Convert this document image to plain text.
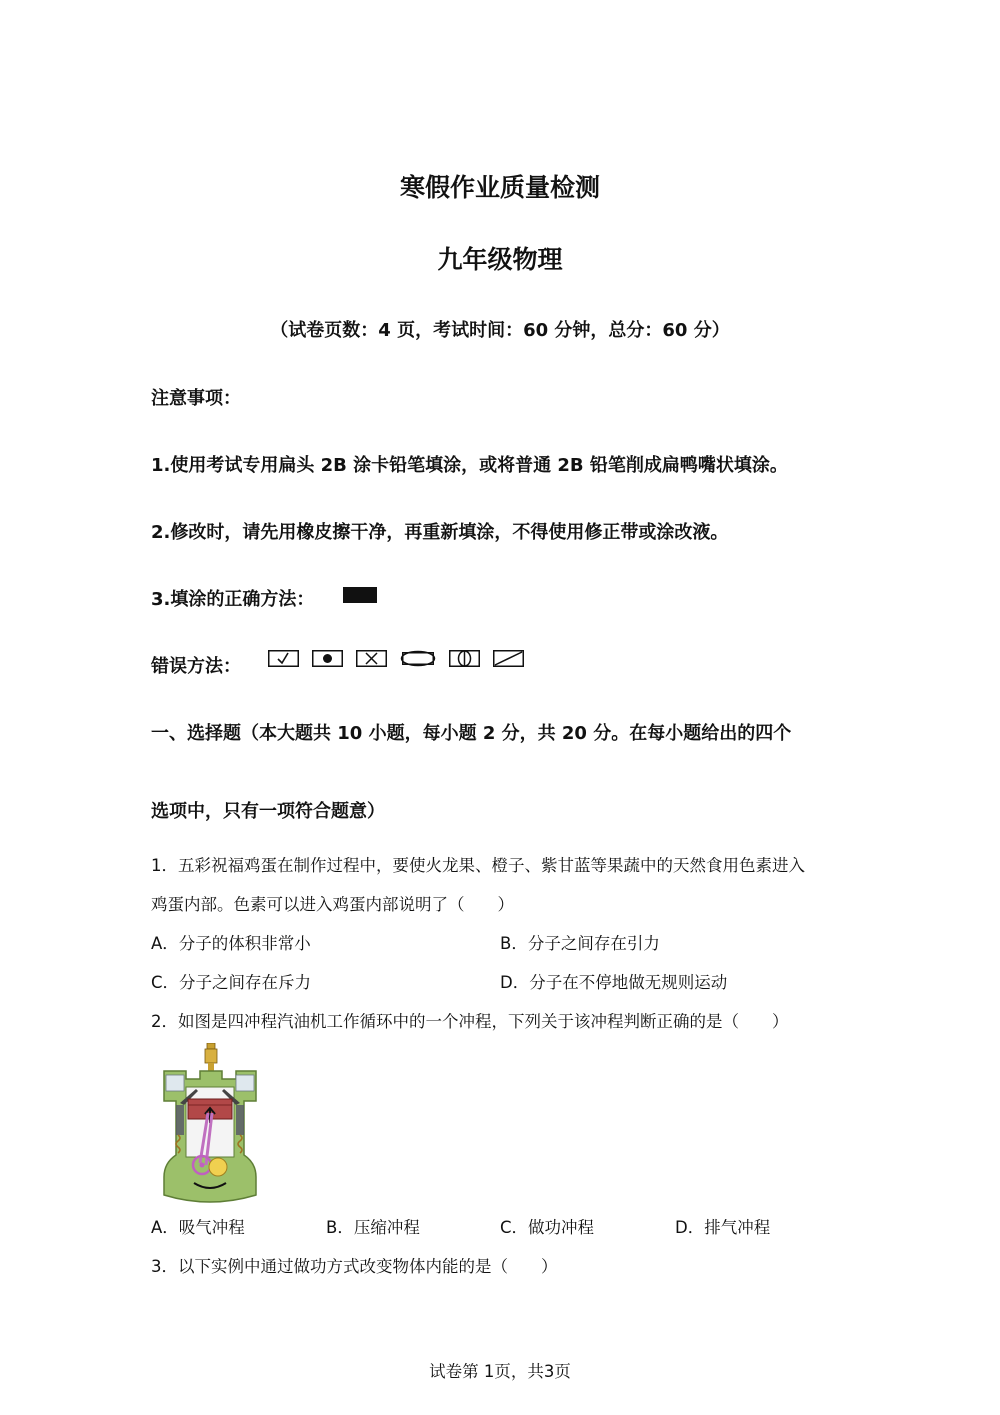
寒假作业质量检测
九年级物理
（试卷页数：4 页，考试时间：60 分钟，总分：60 分）
注意事项：
1.使用考试专用扁头 2B 涂卡铅笔填涂，或将普通 2B 铅笔削成扁鸭嘴状填涂。
2.修改时，请先用橡皮擦干净，再重新填涂，不得使用修正带或涂改液。
3.填涂的正确方法：
错误方法：
一、选择题（本大题共 10 小题，每小题 2 分，共 20 分。在每小题给出的四个
选项中，只有一项符合题意）
1．五彩祝福鸡蛋在制作过程中，要使火龙果、橙子、紫甘蓝等果蔬中的天然食用色素进入
鸡蛋内部。色素可以进入鸡蛋内部说明了（　　）
A．分子的体积非常小	B．分子之间存在引力
C．分子之间存在斥力	D．分子在不停地做无规则运动
2．如图是四冲程汽油机工作循环中的一个冲程，下列关于该冲程判断正确的是（　　）
A．吸气冲程	B．压缩冲程	C．做功冲程	D．排气冲程
3．以下实例中通过做功方式改变物体内能的是（　　）
试卷第 1页，共3页
